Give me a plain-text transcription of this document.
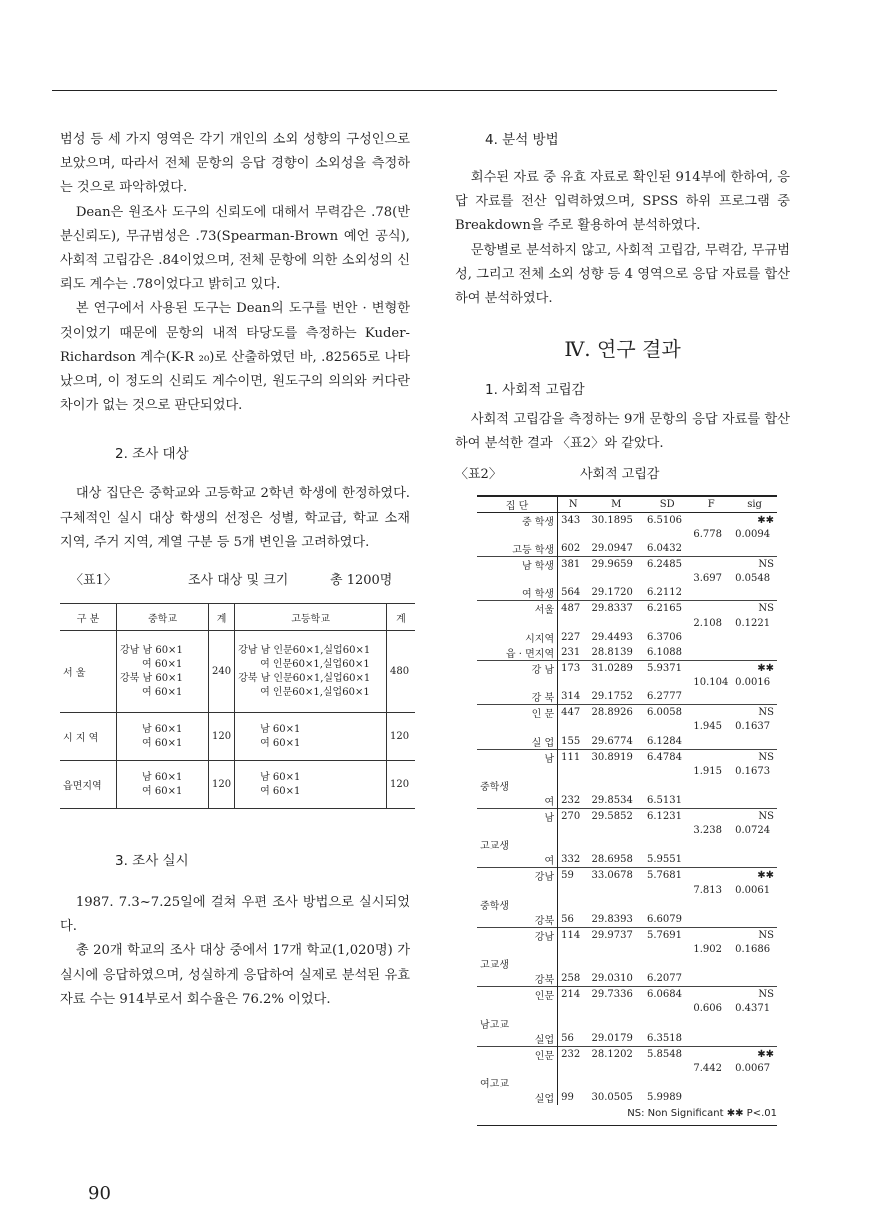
범성 등 세 가지 영역은 각기 개인의 소외 성향의 구성인으로 보았으며, 따라서 전체 문항의 응답 경향이 소외성을 측정하는 것으로 파악하였다.

Dean은 원조사 도구의 신뢰도에 대해서 무력감은 .78(반분신뢰도), 무규범성은 .73(Spearman-Brown 예언 공식), 사회적 고립감은 .84이었으며, 전체 문항에 의한 소외성의 신뢰도 계수는 .78이었다고 밝히고 있다.

본 연구에서 사용된 도구는 Dean의 도구를 번안 · 변형한 것이었기 때문에 문항의 내적 타당도를 측정하는 Kuder-Richardson 계수(K-R ₂₀)로 산출하였던 바, .82565로 나타났으며, 이 정도의 신뢰도 계수이면, 원도구의 의의와 커다란 차이가 없는 것으로 판단되었다.

2. 조사 대상

대상 집단은 중학교와 고등학교 2학년 학생에 한정하였다. 구체적인 실시 대상 학생의 선정은 성별, 학교급, 학교 소재 지역, 주거 지역, 계열 구분 등 5개 변인을 고려하였다.

〈표1〉	조사 대상 및 크기	총 1200명
구 분	중학교	계	고등학교	계
서 울	강남 남 60×1
여 60×1
강북 남 60×1
여 60×1	240	강남 남 인문60×1,실업60×1
여 인문60×1,실업60×1
강북 남 인문60×1,실업60×1
여 인문60×1,실업60×1	480
시 지 역	남 60×1
여 60×1	120	남 60×1
여 60×1	120
읍면지역	남 60×1
여 60×1	120	남 60×1
여 60×1	120

3. 조사 실시

1987. 7.3~7.25일에 걸쳐 우편 조사 방법으로 실시되었다.

총 20개 학교의 조사 대상 중에서 17개 학교(1,020명) 가 실시에 응답하였으며, 성실하게 응답하여 실제로 분석된 유효 자료 수는 914부로서 회수율은 76.2% 이었다.

4. 분석 방법

회수된 자료 중 유효 자료로 확인된 914부에 한하여, 응답 자료를 전산 입력하였으며, SPSS 하위 프로그램 중 Breakdown을 주로 활용하여 분석하였다.

문항별로 분석하지 않고, 사회적 고립감, 무력감, 무규범성, 그리고 전체 소외 성향 등 4 영역으로 응답 자료를 합산하여 분석하였다.

Ⅳ. 연구 결과

1. 사회적 고립감

사회적 고립감을 측정하는 9개 문항의 응답 자료를 합산하여 분석한 결과 〈표2〉와 같았다.

〈표2〉	사회적 고립감
집 단	N	M	SD	F	sig
중 학생	343	30.1895	6.5106		✱✱
				6.778	0.0094
고등 학생	602	29.0947	6.0432		
남 학생	381	29.9659	6.2485		NS
				3.697	0.0548
여 학생	564	29.1720	6.2112		
서울	487	29.8337	6.2165		NS
				2.108	0.1221
시지역	227	29.4493	6.3706		
읍 · 면지역	231	28.8139	6.1088		
강 남	173	31.0289	5.9371		✱✱
				10.104	0.0016
강 북	314	29.1752	6.2777		
인 문	447	28.8926	6.0058		NS
				1.945	0.1637
실 업	155	29.6774	6.1284		
남	111	30.8919	6.4784		NS
				1.915	0.1673
중학생					
여	232	29.8534	6.5131		
남	270	29.5852	6.1231		NS
				3.238	0.0724
고교생					
여	332	28.6958	5.9551		
강남	59	33.0678	5.7681		✱✱
				7.813	0.0061
중학생					
강북	56	29.8393	6.6079		
강남	114	29.9737	5.7691		NS
				1.902	0.1686
고교생					
강북	258	29.0310	6.2077		
인문	214	29.7336	6.0684		NS
				0.606	0.4371
남고교					
실업	56	29.0179	6.3518		
인문	232	28.1202	5.8548		✱✱
				7.442	0.0067
여고교					
실업	99	30.0505	5.9989		
NS: Non Significant ✱✱ P<.01
90
